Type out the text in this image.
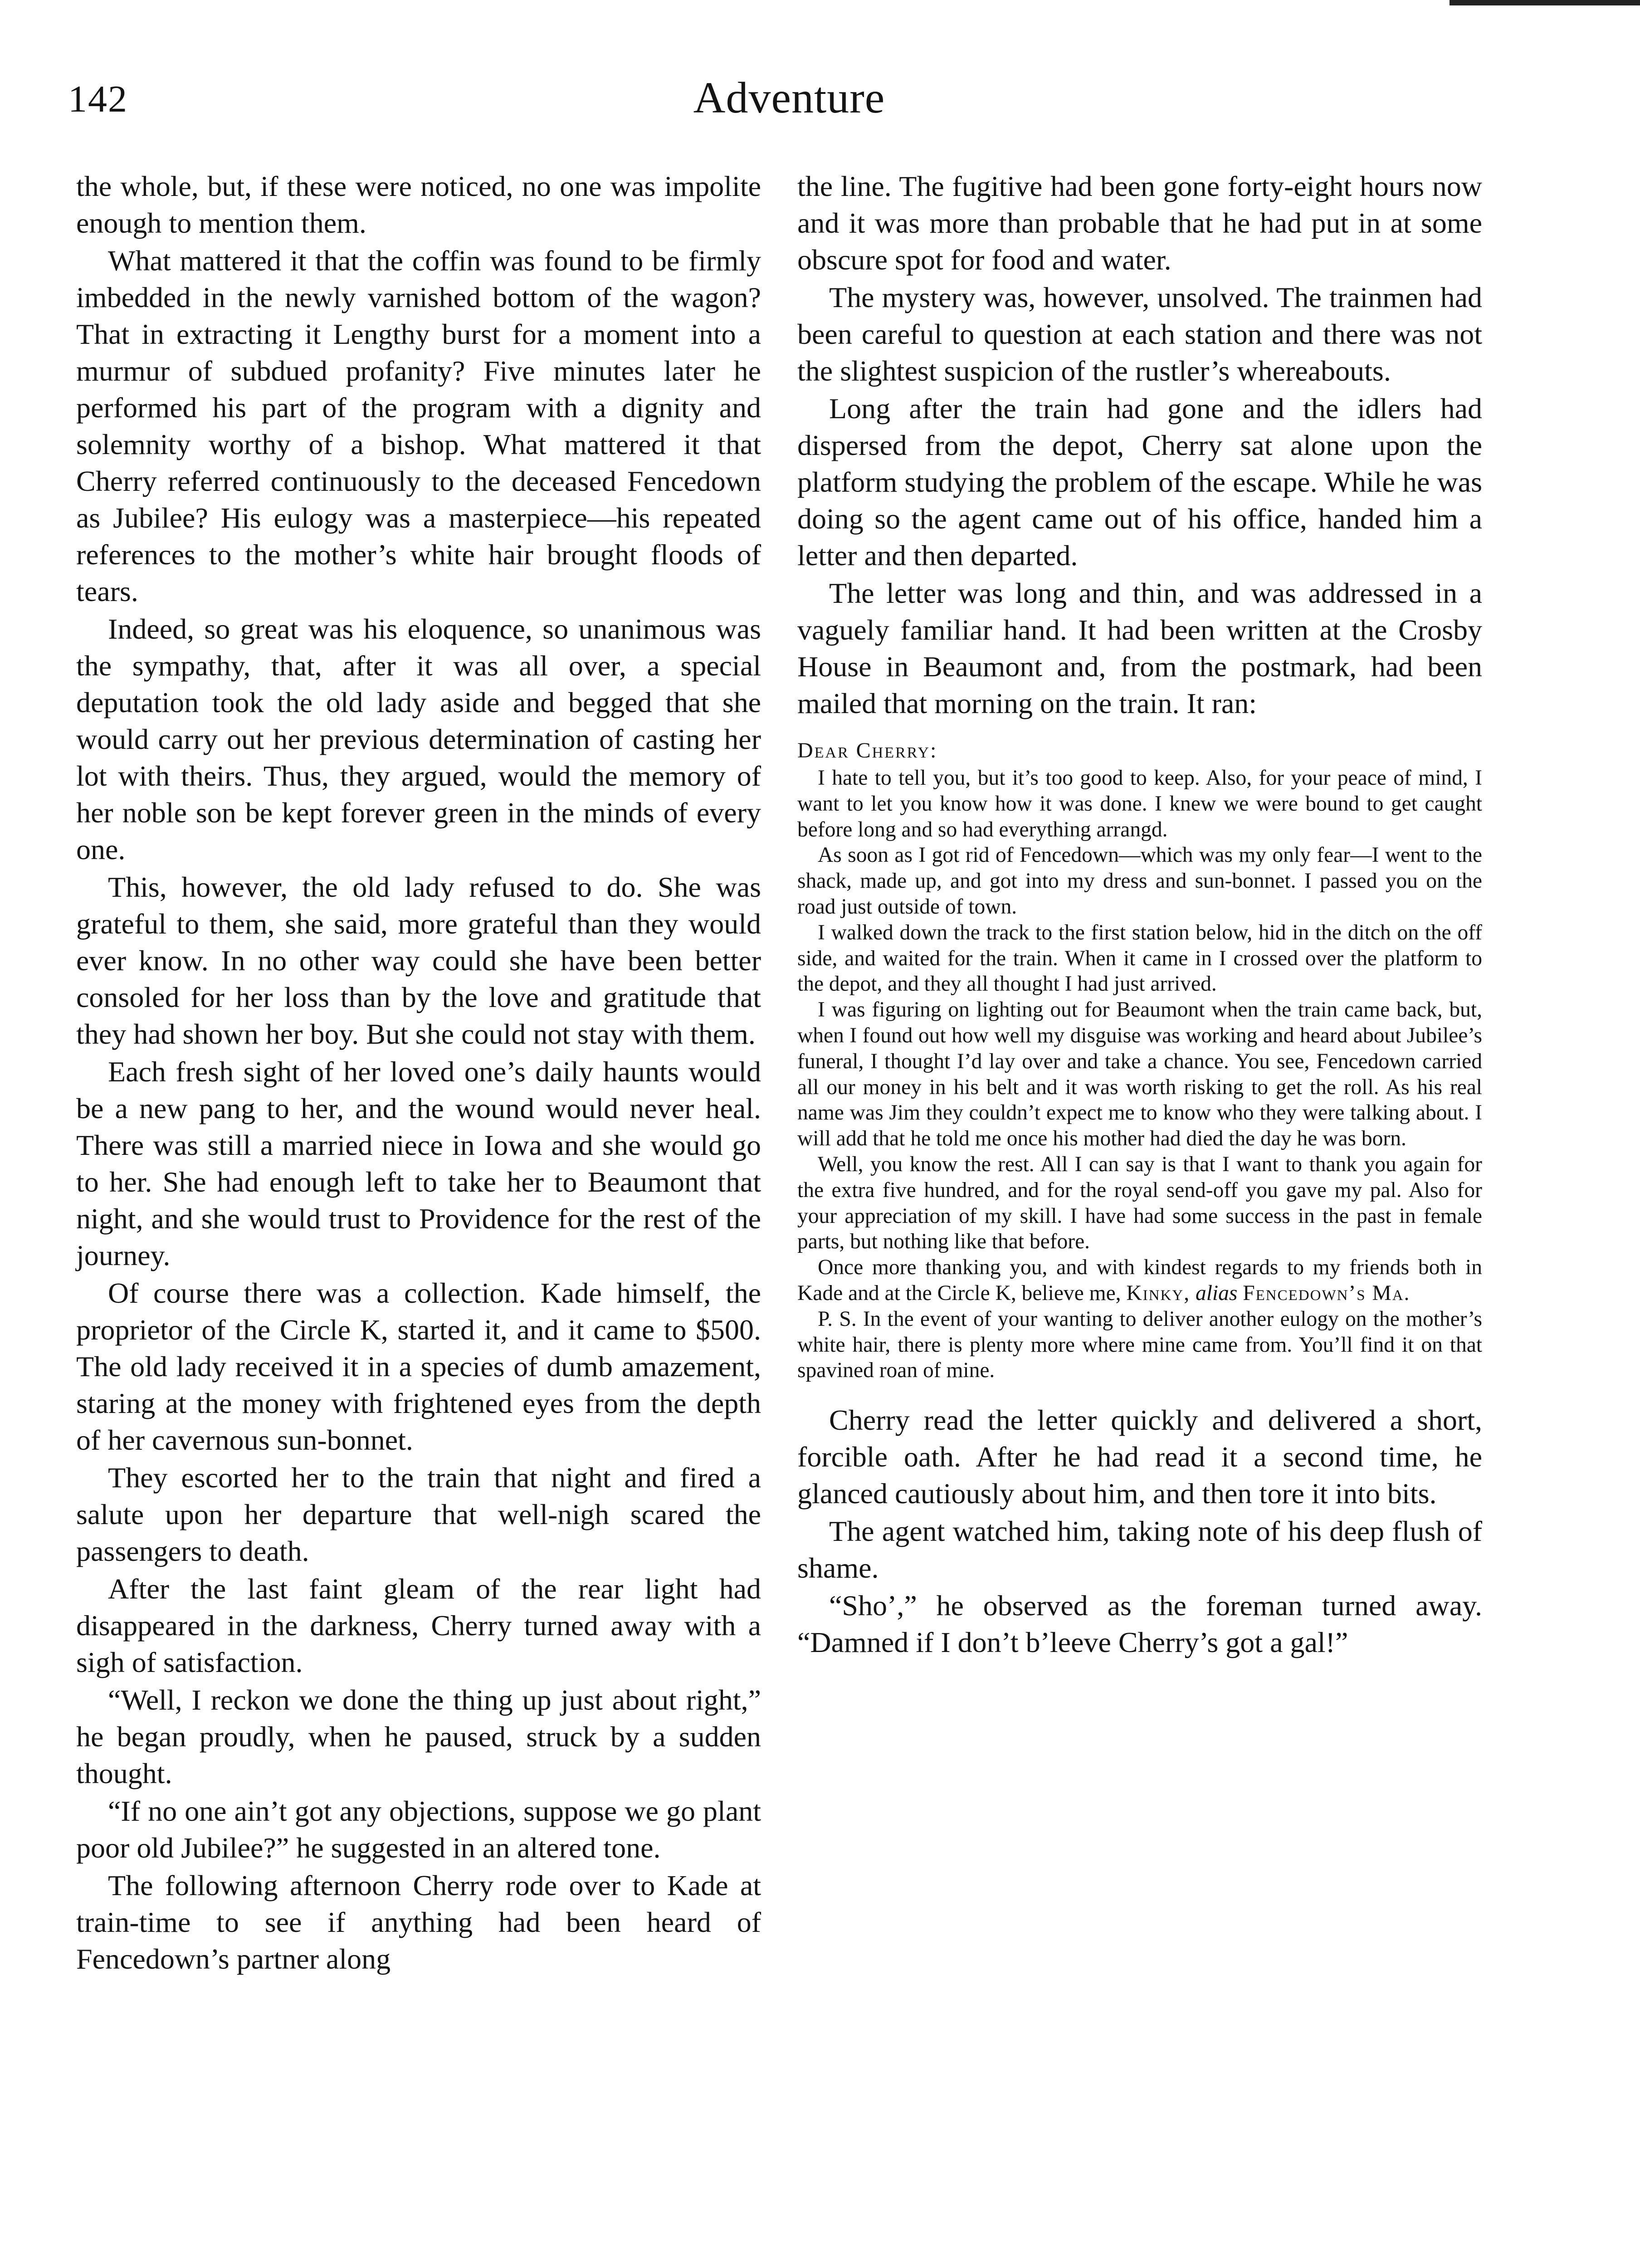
142	Adventure

the whole, but, if these were noticed, no one was impolite enough to mention them.

What mattered it that the coffin was found to be firmly imbedded in the newly varnished bottom of the wagon? That in extracting it Lengthy burst for a moment into a murmur of subdued profanity? Five minutes later he performed his part of the program with a dignity and solemnity worthy of a bishop. What mattered it that Cherry referred continuously to the deceased Fencedown as Jubilee? His eulogy was a masterpiece—his repeated references to the mother’s white hair brought floods of tears.

Indeed, so great was his eloquence, so unanimous was the sympathy, that, after it was all over, a special deputation took the old lady aside and begged that she would carry out her previous determination of casting her lot with theirs. Thus, they argued, would the memory of her noble son be kept forever green in the minds of every one.

This, however, the old lady refused to do. She was grateful to them, she said, more grateful than they would ever know. In no other way could she have been better consoled for her loss than by the love and gratitude that they had shown her boy. But she could not stay with them.

Each fresh sight of her loved one’s daily haunts would be a new pang to her, and the wound would never heal. There was still a married niece in Iowa and she would go to her. She had enough left to take her to Beaumont that night, and she would trust to Providence for the rest of the journey.

Of course there was a collection. Kade himself, the proprietor of the Circle K, started it, and it came to $500. The old lady received it in a species of dumb amazement, staring at the money with frightened eyes from the depth of her cavernous sun-bonnet.

They escorted her to the train that night and fired a salute upon her departure that well-nigh scared the passengers to death.

After the last faint gleam of the rear light had disappeared in the darkness, Cherry turned away with a sigh of satisfaction.

“Well, I reckon we done the thing up just about right,” he began proudly, when he paused, struck by a sudden thought.

“If no one ain’t got any objections, suppose we go plant poor old Jubilee?” he suggested in an altered tone.

The following afternoon Cherry rode over to Kade at train-time to see if anything had been heard of Fencedown’s partner along

the line. The fugitive had been gone forty-eight hours now and it was more than probable that he had put in at some obscure spot for food and water.

The mystery was, however, unsolved. The trainmen had been careful to question at each station and there was not the slightest suspicion of the rustler’s whereabouts.

Long after the train had gone and the idlers had dispersed from the depot, Cherry sat alone upon the platform studying the problem of the escape. While he was doing so the agent came out of his office, handed him a letter and then departed.

The letter was long and thin, and was addressed in a vaguely familiar hand. It had been written at the Crosby House in Beaumont and, from the postmark, had been mailed that morning on the train. It ran:

Dear Cherry:

I hate to tell you, but it’s too good to keep. Also, for your peace of mind, I want to let you know how it was done. I knew we were bound to get caught before long and so had everything arrangd.

As soon as I got rid of Fencedown—which was my only fear—I went to the shack, made up, and got into my dress and sun-bonnet. I passed you on the road just outside of town.

I walked down the track to the first station below, hid in the ditch on the off side, and waited for the train. When it came in I crossed over the platform to the depot, and they all thought I had just arrived.

I was figuring on lighting out for Beaumont when the train came back, but, when I found out how well my disguise was working and heard about Jubilee’s funeral, I thought I’d lay over and take a chance. You see, Fencedown carried all our money in his belt and it was worth risking to get the roll. As his real name was Jim they couldn’t expect me to know who they were talking about. I will add that he told me once his mother had died the day he was born.

Well, you know the rest. All I can say is that I want to thank you again for the extra five hundred, and for the royal send-off you gave my pal. Also for your appreciation of my skill. I have had some success in the past in female parts, but nothing like that before.

Once more thanking you, and with kindest regards to my friends both in Kade and at the Circle K, believe me, Kinky, alias Fencedown’s Ma.

P. S. In the event of your wanting to deliver another eulogy on the mother’s white hair, there is plenty more where mine came from. You’ll find it on that spavined roan of mine.

Cherry read the letter quickly and delivered a short, forcible oath. After he had read it a second time, he glanced cautiously about him, and then tore it into bits.

The agent watched him, taking note of his deep flush of shame.

“Sho’,” he observed as the foreman turned away. “Damned if I don’t b’leeve Cherry’s got a gal!”
